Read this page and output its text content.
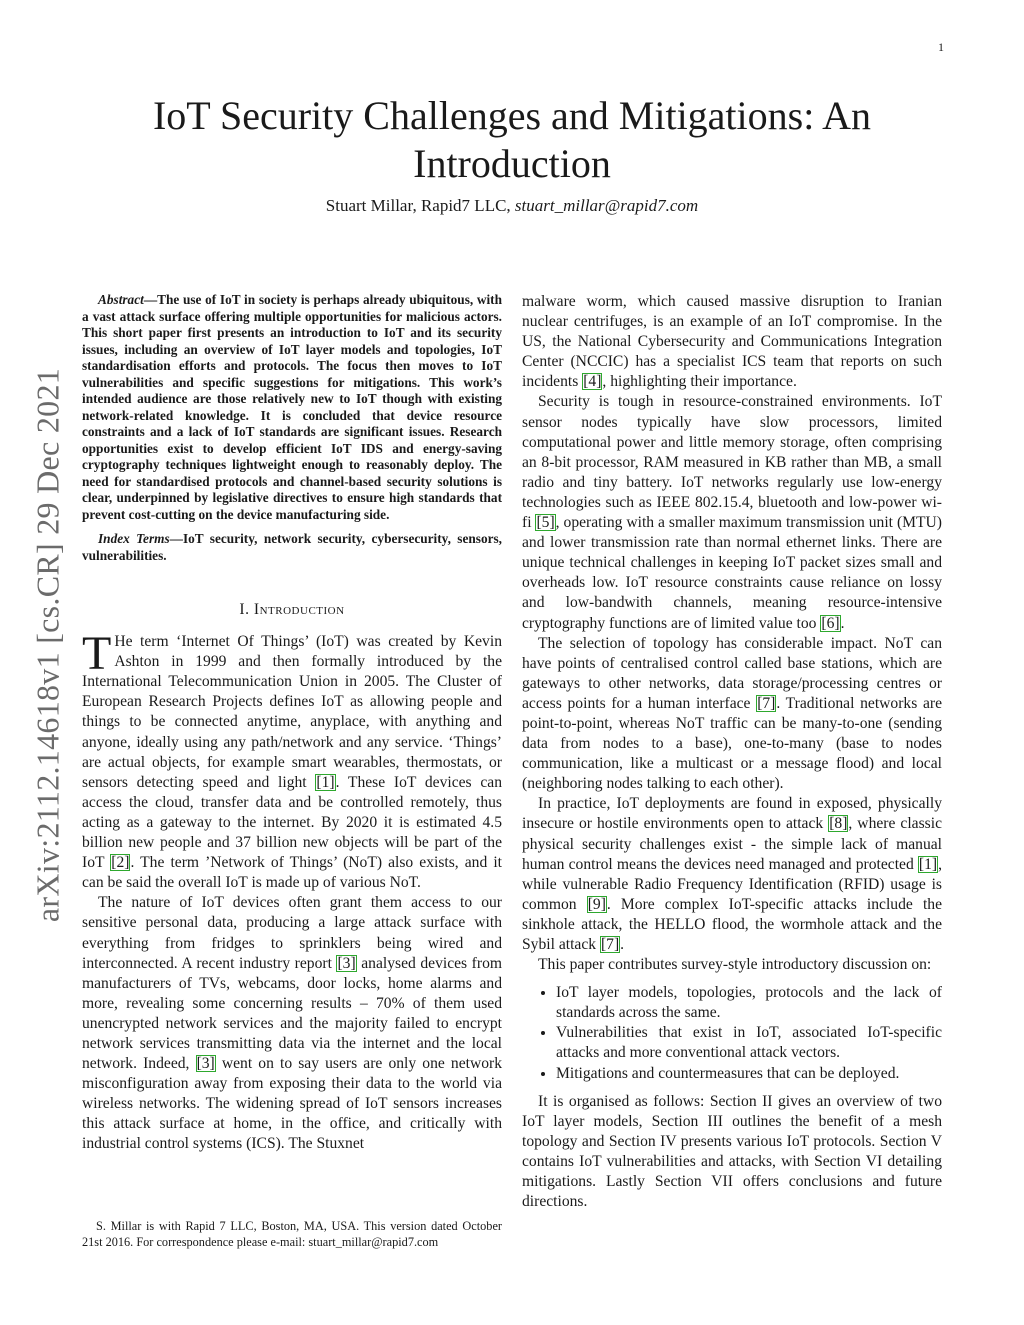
1
arXiv:2112.14618v1 [cs.CR] 29 Dec 2021
IoT Security Challenges and Mitigations: An Introduction
Stuart Millar, Rapid7 LLC, stuart_millar@rapid7.com

Abstract—The use of IoT in society is perhaps already ubiquitous, with a vast attack surface offering multiple opportunities for malicious actors. This short paper first presents an introduction to IoT and its security issues, including an overview of IoT layer models and topologies, IoT standardisation efforts and protocols. The focus then moves to IoT vulnerabilities and specific suggestions for mitigations. This work’s intended audience are those relatively new to IoT though with existing network-related knowledge. It is concluded that device resource constraints and a lack of IoT standards are significant issues. Research opportunities exist to develop efficient IoT IDS and energy-saving cryptography techniques lightweight enough to reasonably deploy. The need for standardised protocols and channel-based security solutions is clear, underpinned by legislative directives to ensure high standards that prevent cost-cutting on the device manufacturing side.

Index Terms—IoT security, network security, cybersecurity, sensors, vulnerabilities.

I. Introduction

T He term ‘Internet Of Things’ (IoT) was created by Kevin Ashton in 1999 and then formally introduced by the International Telecommunication Union in 2005. The Cluster of European Research Projects defines IoT as allowing people and things to be connected anytime, anyplace, with anything and anyone, ideally using any path/network and any service. ‘Things’ are actual objects, for example smart wearables, thermostats, or sensors detecting speed and light [1]. These IoT devices can access the cloud, transfer data and be controlled remotely, thus acting as a gateway to the internet. By 2020 it is estimated 4.5 billion new people and 37 billion new objects will be part of the IoT [2]. The term ’Network of Things’ (NoT) also exists, and it can be said the overall IoT is made up of various NoT.

The nature of IoT devices often grant them access to our sensitive personal data, producing a large attack surface with everything from fridges to sprinklers being wired and interconnected. A recent industry report [3] analysed devices from manufacturers of TVs, webcams, door locks, home alarms and more, revealing some concerning results – 70% of them used unencrypted network services and the majority failed to encrypt network services transmitting data via the internet and the local network. Indeed, [3] went on to say users are only one network misconfiguration away from exposing their data to the world via wireless networks. The widening spread of IoT sensors increases this attack surface at home, in the office, and critically with industrial control systems (ICS). The Stuxnet

malware worm, which caused massive disruption to Iranian nuclear centrifuges, is an example of an IoT compromise. In the US, the National Cybersecurity and Communications Integration Center (NCCIC) has a specialist ICS team that reports on such incidents [4], highlighting their importance.

Security is tough in resource-constrained environments. IoT sensor nodes typically have slow processors, limited computational power and little memory storage, often comprising an 8-bit processor, RAM measured in KB rather than MB, a small radio and tiny battery. IoT networks regularly use low-energy technologies such as IEEE 802.15.4, bluetooth and low-power wi-fi [5], operating with a smaller maximum transmission unit (MTU) and lower transmission rate than normal ethernet links. There are unique technical challenges in keeping IoT packet sizes small and overheads low. IoT resource constraints cause reliance on lossy and low-bandwith channels, meaning resource-intensive cryptography functions are of limited value too [6].

The selection of topology has considerable impact. NoT can have points of centralised control called base stations, which are gateways to other networks, data storage/processing centres or access points for a human interface [7]. Traditional networks are point-to-point, whereas NoT traffic can be many-to-one (sending data from nodes to a base), one-to-many (base to nodes communication, like a multicast or a message flood) and local (neighboring nodes talking to each other).

In practice, IoT deployments are found in exposed, physically insecure or hostile environments open to attack [8], where classic physical security challenges exist - the simple lack of manual human control means the devices need managed and protected [1], while vulnerable Radio Frequency Identification (RFID) usage is common [9]. More complex IoT-specific attacks include the sinkhole attack, the HELLO flood, the wormhole attack and the Sybil attack [7].

This paper contributes survey-style introductory discussion on:

• IoT layer models, topologies, protocols and the lack of standards across the same.
• Vulnerabilities that exist in IoT, associated IoT-specific attacks and more conventional attack vectors.
• Mitigations and countermeasures that can be deployed.

It is organised as follows: Section II gives an overview of two IoT layer models, Section III outlines the benefit of a mesh topology and Section IV presents various IoT protocols. Section V contains IoT vulnerabilities and attacks, with Section VI detailing mitigations. Lastly Section VII offers conclusions and future directions.

S. Millar is with Rapid 7 LLC, Boston, MA, USA. This version dated October 21st 2016. For correspondence please e-mail: stuart_millar@rapid7.com
